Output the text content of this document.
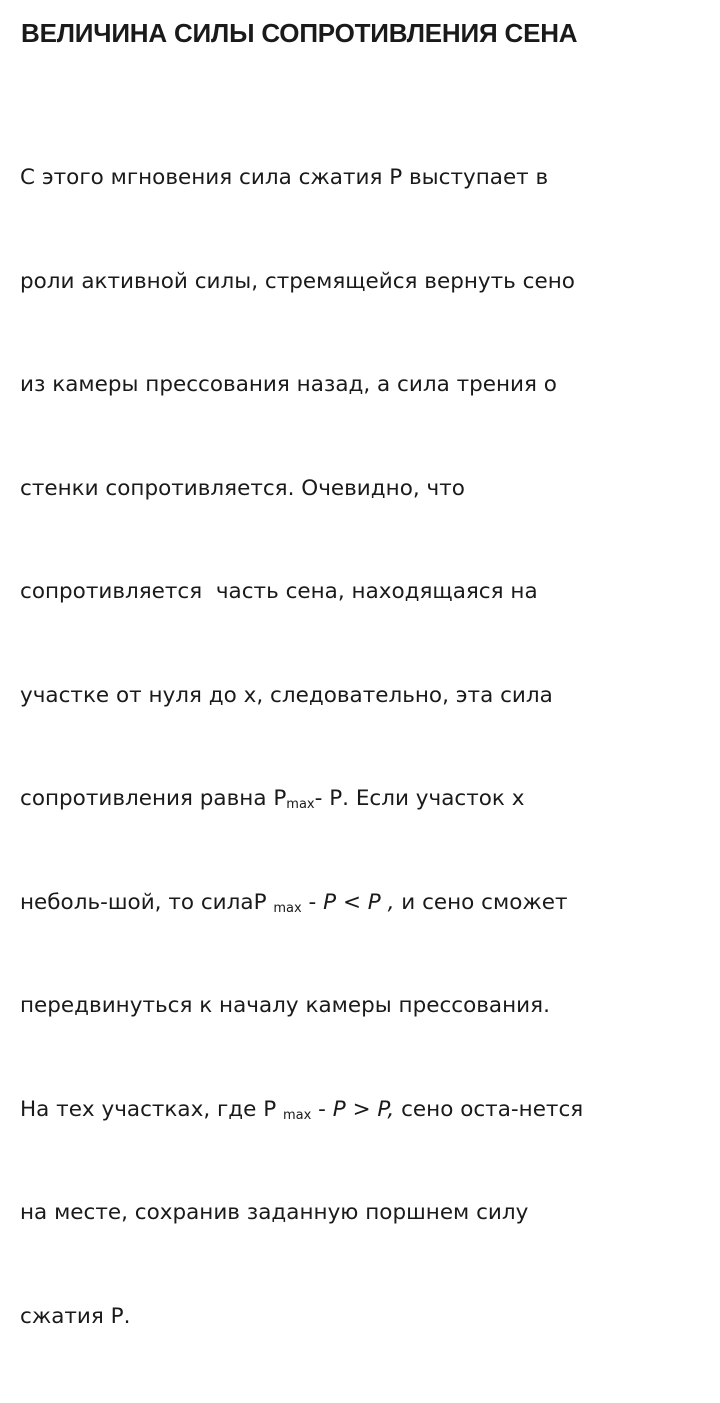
ВЕЛИЧИНА СИЛЫ СОПРОТИВЛЕНИЯ СЕНА

С этого мгновения сила сжатия Р выступает в

роли активной силы, стремящейся вернуть сено

из камеры прессования назад, а сила трения о

стенки сопротивляется. Очевидно, что

сопротивляется  часть сена, находящаяся на

участке от нуля до х, следовательно, эта сила

сопротивления равна Рmax- Р. Если участок х

неболь-шой, то силаР max - P < P , и сено сможет

передвинуться к началу камеры прессования.

На тех участках, где Р max - P > P, сено оста-нется

на месте, сохранив заданную поршнем силу

сжатия Р.
